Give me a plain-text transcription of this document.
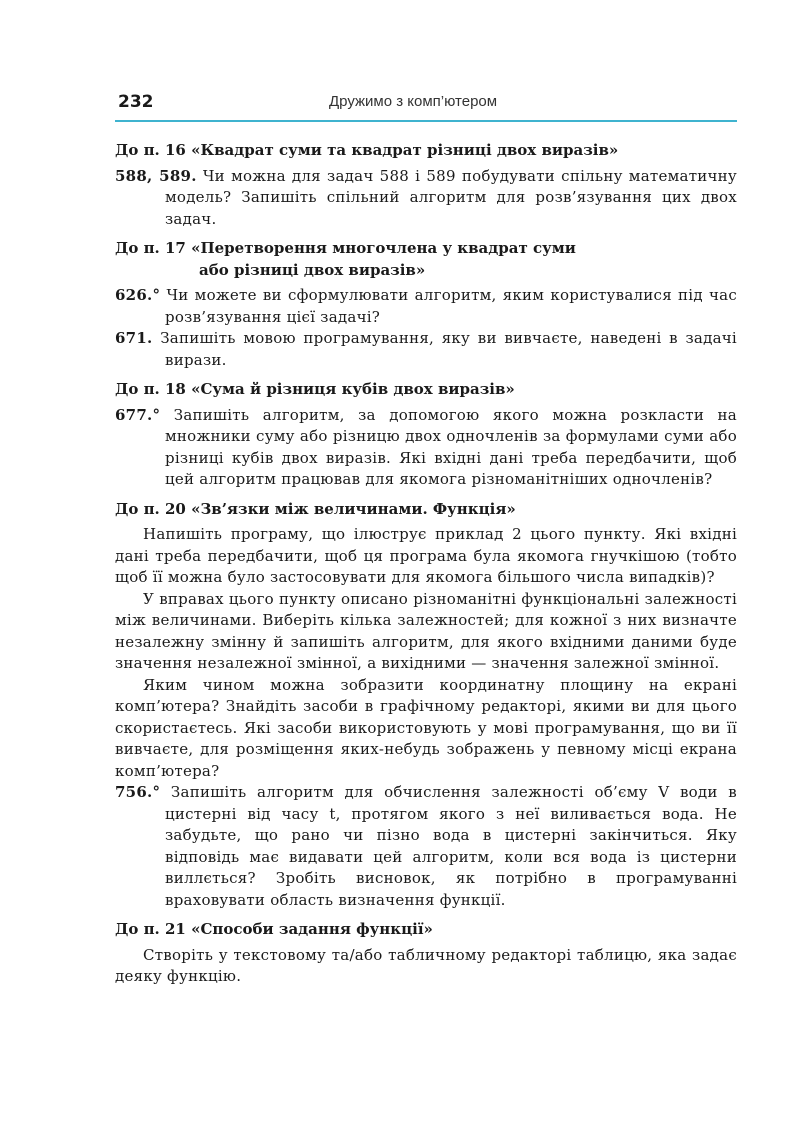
232	Дружимо з комп’ютером
До п. 16 «Квадрат суми та квадрат різниці двох виразів»

588, 589. Чи можна для задач 588 і 589 побудувати спільну математичну модель? Запишіть спільний алгоритм для розв’язування цих двох задач.

До п. 17 «Перетворення многочлена у квадрат суми
або різниці двох виразів»

626.° Чи можете ви сформулювати алгоритм, яким користувалися під час розв’язування цієї задачі?

671. Запишіть мовою програмування, яку ви вивчаєте, наведені в задачі вирази.

До п. 18 «Сума й різниця кубів двох виразів»

677.° Запишіть алгоритм, за допомогою якого можна розкласти на множники суму або різницю двох одночленів за формулами суми або різниці кубів двох виразів. Які вхідні дані треба передбачити, щоб цей алгоритм працював для якомога різноманітніших одночленів?

До п. 20 «Зв’язки між величинами. Функція»

Напишіть програму, що ілюструє приклад 2 цього пункту. Які вхідні дані треба передбачити, щоб ця програма була якомога гнучкішою (тобто щоб її можна було застосовувати для якомога більшого числа випадків)?

У вправах цього пункту описано різноманітні функціональні залежності між величинами. Виберіть кілька залежностей; для кожної з них визначте незалежну змінну й запишіть алгоритм, для якого вхідними даними буде значення незалежної змінної, а вихідними — значення залежної змінної.

Яким чином можна зобразити координатну площину на екрані комп’ютера? Знайдіть засоби в графічному редакторі, якими ви для цього скористаєтесь. Які засоби використовують у мові програмування, що ви її вивчаєте, для розміщення яких-небудь зображень у певному місці екрана комп’ютера?

756.° Запишіть алгоритм для обчислення залежності об’єму V води в цистерні від часу t, протягом якого з неї виливається вода. Не забудьте, що рано чи пізно вода в цистерні закінчиться. Яку відповідь має видавати цей алгоритм, коли вся вода із цистерни виллється? Зробіть висновок, як потрібно в програмуванні враховувати область визначення функції.

До п. 21 «Способи задання функції»

Створіть у текстовому та/або табличному редакторі таблицю, яка задає деяку функцію.
